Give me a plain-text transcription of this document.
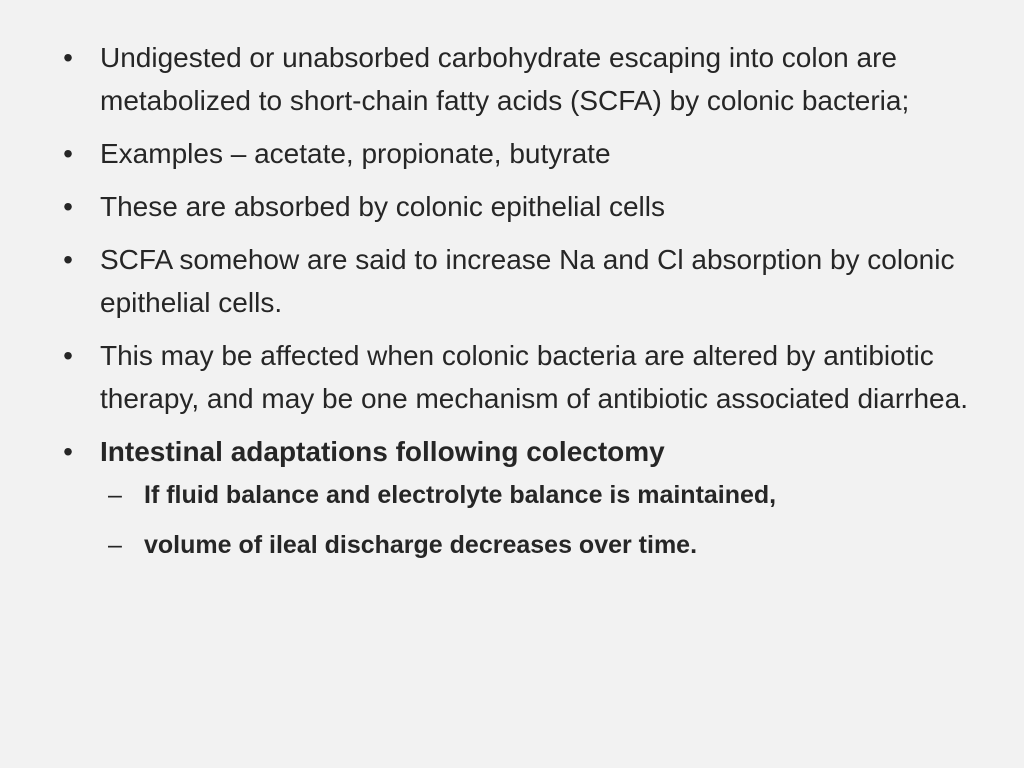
• Undigested or unabsorbed carbohydrate escaping into colon are metabolized to short-chain fatty acids (SCFA) by colonic bacteria;
• Examples – acetate, propionate, butyrate
• These are absorbed by colonic epithelial cells
• SCFA somehow are said to increase Na and Cl absorption by colonic epithelial cells.
• This may be affected when colonic bacteria are altered by antibiotic therapy, and may be one mechanism of antibiotic associated diarrhea.
• Intestinal adaptations following colectomy
– If fluid balance and electrolyte balance is maintained,
– volume of ileal discharge decreases over time.
